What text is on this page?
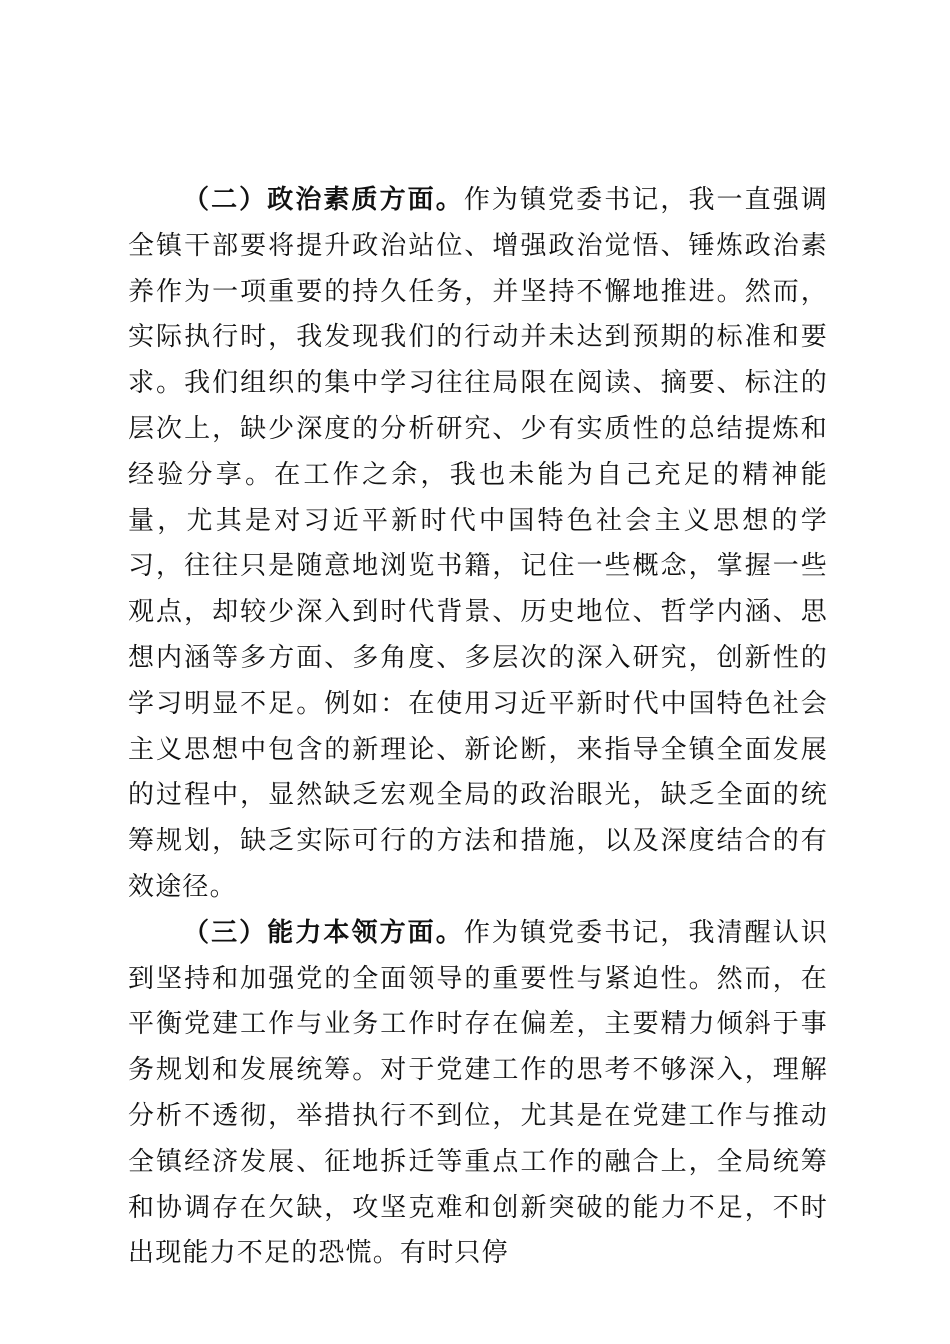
（二）政治素质方面。作为镇党委书记，我一直强调全镇干部要将提升政治站位、增强政治觉悟、锤炼政治素养作为一项重要的持久任务，并坚持不懈地推进。然而，实际执行时，我发现我们的行动并未达到预期的标准和要求。我们组织的集中学习往往局限在阅读、摘要、标注的层次上，缺少深度的分析研究、少有实质性的总结提炼和经验分享。在工作之余，我也未能为自己充足的精神能量，尤其是对习近平新时代中国特色社会主义思想的学习，往往只是随意地浏览书籍，记住一些概念，掌握一些观点，却较少深入到时代背景、历史地位、哲学内涵、思想内涵等多方面、多角度、多层次的深入研究，创新性的学习明显不足。例如：在使用习近平新时代中国特色社会主义思想中包含的新理论、新论断，来指导全镇全面发展的过程中，显然缺乏宏观全局的政治眼光，缺乏全面的统筹规划，缺乏实际可行的方法和措施，以及深度结合的有效途径。

（三）能力本领方面。作为镇党委书记，我清醒认识到坚持和加强党的全面领导的重要性与紧迫性。然而，在平衡党建工作与业务工作时存在偏差，主要精力倾斜于事务规划和发展统筹。对于党建工作的思考不够深入，理解分析不透彻，举措执行不到位，尤其是在党建工作与推动全镇经济发展、征地拆迁等重点工作的融合上，全局统筹和协调存在欠缺，攻坚克难和创新突破的能力不足，不时出现能力不足的恐慌。有时只停
